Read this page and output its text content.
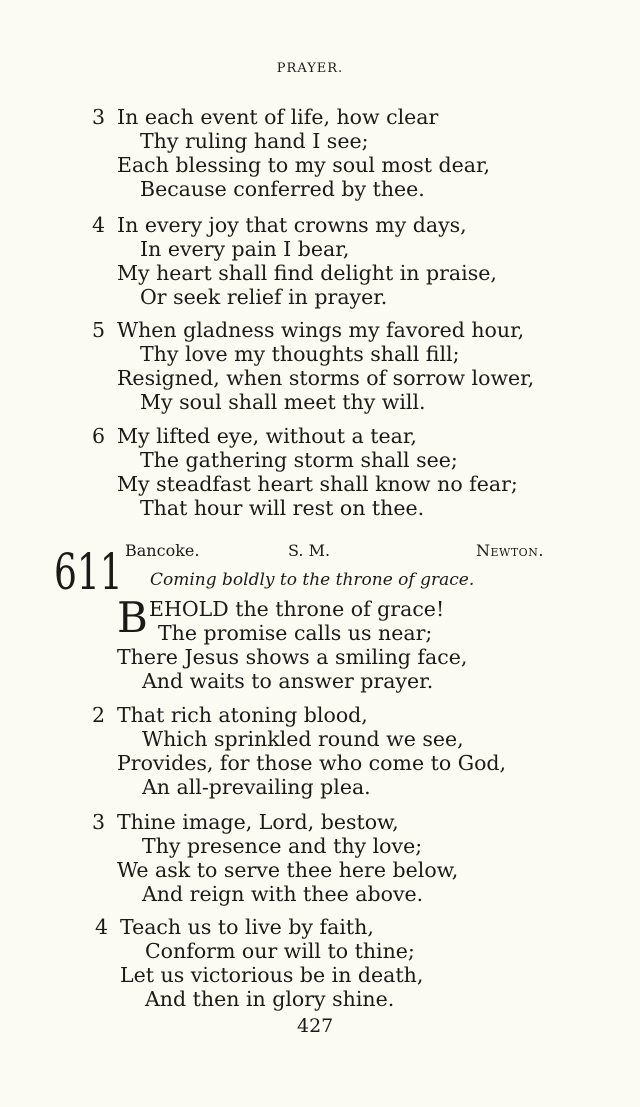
PRAYER.
3 In each event of life, how clear
Thy ruling hand I see;
Each blessing to my soul most dear,
Because conferred by thee.
4 In every joy that crowns my days,
In every pain I bear,
My heart shall find delight in praise,
Or seek relief in prayer.
5 When gladness wings my favored hour,
Thy love my thoughts shall fill;
Resigned, when storms of sorrow lower,
My soul shall meet thy will.
6 My lifted eye, without a tear,
The gathering storm shall see;
My steadfast heart shall know no fear;
That hour will rest on thee.
611 Bancoke.	S. M.	Newton.
Coming boldly to the throne of grace.
B EHOLD the throne of grace!
The promise calls us near;
There Jesus shows a smiling face,
And waits to answer prayer.
2 That rich atoning blood,
Which sprinkled round we see,
Provides, for those who come to God,
An all-prevailing plea.
3 Thine image, Lord, bestow,
Thy presence and thy love;
We ask to serve thee here below,
And reign with thee above.
4 Teach us to live by faith,
Conform our will to thine;
Let us victorious be in death,
And then in glory shine.
427
